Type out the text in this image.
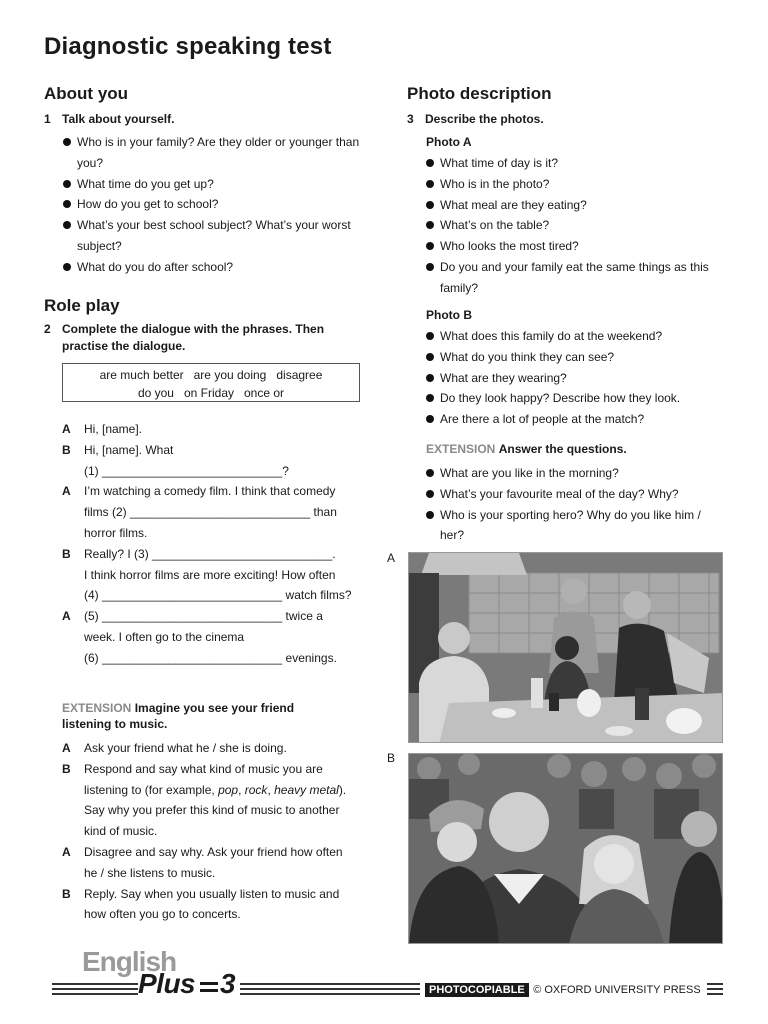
Diagnostic speaking test
About you
1 Talk about yourself.
Who is in your family? Are they older or younger than you?
What time do you get up?
How do you get to school?
What’s your best school subject? What’s your worst subject?
What do you do after school?
Role play
2 Complete the dialogue with the phrases. Then practise the dialogue.
are much better   are you doing   disagree
do you   on Friday   once or
A Hi, [name].
B Hi, [name]. What
(1) ___________________________?
A I’m watching a comedy film. I think that comedy
films (2) ___________________________ than
horror films.
B Really? I (3) ___________________________.
I think horror films are more exciting! How often
(4) ___________________________ watch films?
A (5) ___________________________ twice a
week. I often go to the cinema
(6) ___________________________ evenings.
EXTENSION Imagine you see your friend listening to music.
A Ask your friend what he / she is doing.
B Respond and say what kind of music you are listening to (for example, pop, rock, heavy metal). Say why you prefer this kind of music to another kind of music.
A Disagree and say why. Ask your friend how often he / she listens to music.
B Reply. Say when you usually listen to music and how often you go to concerts.
Photo description
3 Describe the photos.
Photo A
What time of day is it?
Who is in the photo?
What meal are they eating?
What’s on the table?
Who looks the most tired?
Do you and your family eat the same things as this family?
Photo B
What does this family do at the weekend?
What do you think they can see?
What are they wearing?
Do they look happy? Describe how they look.
Are there a lot of people at the match?
EXTENSION Answer the questions.
What are you like in the morning?
What’s your favourite meal of the day? Why?
Who is your sporting hero? Why do you like him / her?
A
B
English
Plus 3	PHOTOCOPIABLE © OXFORD UNIVERSITY PRESS
